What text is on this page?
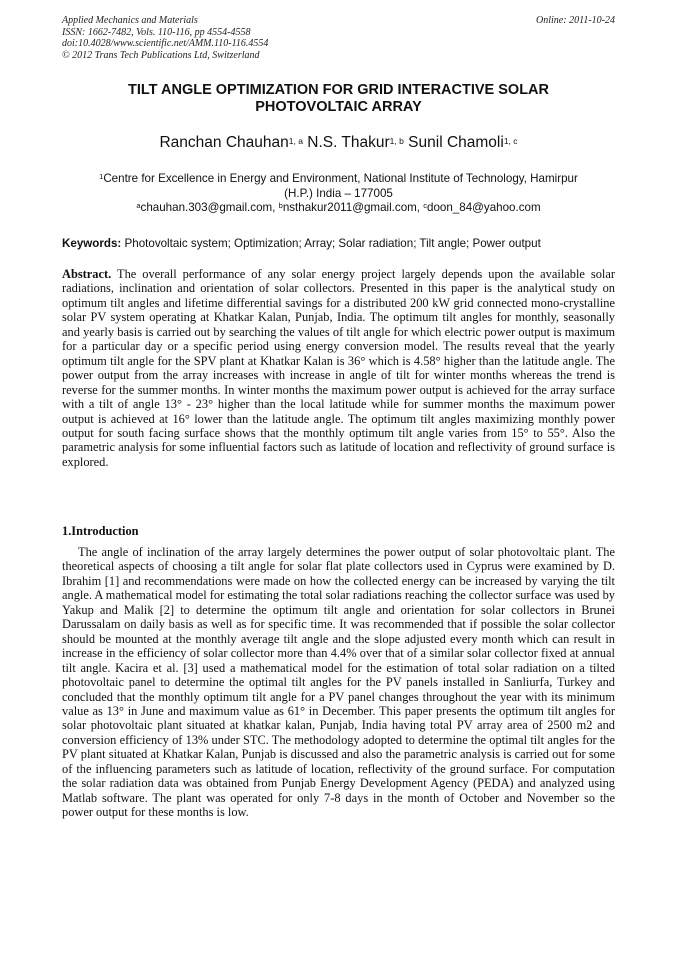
Applied Mechanics and Materials
ISSN: 1662-7482, Vols. 110-116, pp 4554-4558
doi:10.4028/www.scientific.net/AMM.110-116.4554
© 2012 Trans Tech Publications Ltd, Switzerland
Online: 2011-10-24
TILT ANGLE OPTIMIZATION FOR GRID INTERACTIVE SOLAR
PHOTOVOLTAIC ARRAY
Ranchan Chauhan$^{1, a}$ N.S. Thakur$^{1, b}$ Sunil Chamoli$^{1, c}$
$^1$Centre for Excellence in Energy and Environment, National Institute of Technology, Hamirpur
(H.P.) India – 177005
$^a$chauhan.303@gmail.com, $^b$nsthakur2011@gmail.com, $^c$doon_84@yahoo.com
Keywords: Photovoltaic system; Optimization; Array; Solar radiation; Tilt angle; Power output
Abstract. The overall performance of any solar energy project largely depends upon the available solar radiations, inclination and orientation of solar collectors. Presented in this paper is the analytical study on optimum tilt angles and lifetime differential savings for a distributed 200 kW grid connected mono-crystalline solar PV system operating at Khatkar Kalan, Punjab, India. The optimum tilt angles for monthly, seasonally and yearly basis is carried out by searching the values of tilt angle for which electric power output is maximum for a particular day or a specific period using energy conversion model. The results reveal that the yearly optimum tilt angle for the SPV plant at Khatkar Kalan is 36° which is 4.58° higher than the latitude angle. The power output from the array increases with increase in angle of tilt for winter months whereas the trend is reverse for the summer months. In winter months the maximum power output is achieved for the array surface with a tilt of angle 13° - 23° higher than the local latitude while for summer months the maximum power output is achieved at 16° lower than the latitude angle. The optimum tilt angles maximizing monthly power output for south facing surface shows that the monthly optimum tilt angle varies from 15° to 55°. Also the parametric analysis for some influential factors such as latitude of location and reflectivity of ground surface is explored.
1.Introduction

The angle of inclination of the array largely determines the power output of solar photovoltaic plant. The theoretical aspects of choosing a tilt angle for solar flat plate collectors used in Cyprus were examined by D. Ibrahim [1] and recommendations were made on how the collected energy can be increased by varying the tilt angle. A mathematical model for estimating the total solar radiations reaching the collector surface was used by Yakup and Malik [2] to determine the optimum tilt angle and orientation for solar collectors in Brunei Darussalam on daily basis as well as for specific time. It was recommended that if possible the solar collector should be mounted at the monthly average tilt angle and the slope adjusted every month which can result in increase in the efficiency of solar collector more than 4.4% over that of a similar solar collector fixed at annual tilt angle. Kacira et al. [3] used a mathematical model for the estimation of total solar radiation on a tilted photovoltaic panel to determine the optimal tilt angles for the PV panels installed in Sanliurfa, Turkey and concluded that the monthly optimum tilt angle for a PV panel changes throughout the year with its minimum value as 13° in June and maximum value as 61° in December. This paper presents the optimum tilt angles for solar photovoltaic plant situated at khatkar kalan, Punjab, India having total PV array area of 2500 m2 and conversion efficiency of 13% under STC. The methodology adopted to determine the optimal tilt angles for the PV plant situated at Khatkar Kalan, Punjab is discussed and also the parametric analysis is carried out for some of the influencing parameters such as latitude of location, reflectivity of the ground surface. For computation the solar radiation data was obtained from Punjab Energy Development Agency (PEDA) and analyzed using Matlab software. The plant was operated for only 7-8 days in the month of October and November so the power output for these months is low.
